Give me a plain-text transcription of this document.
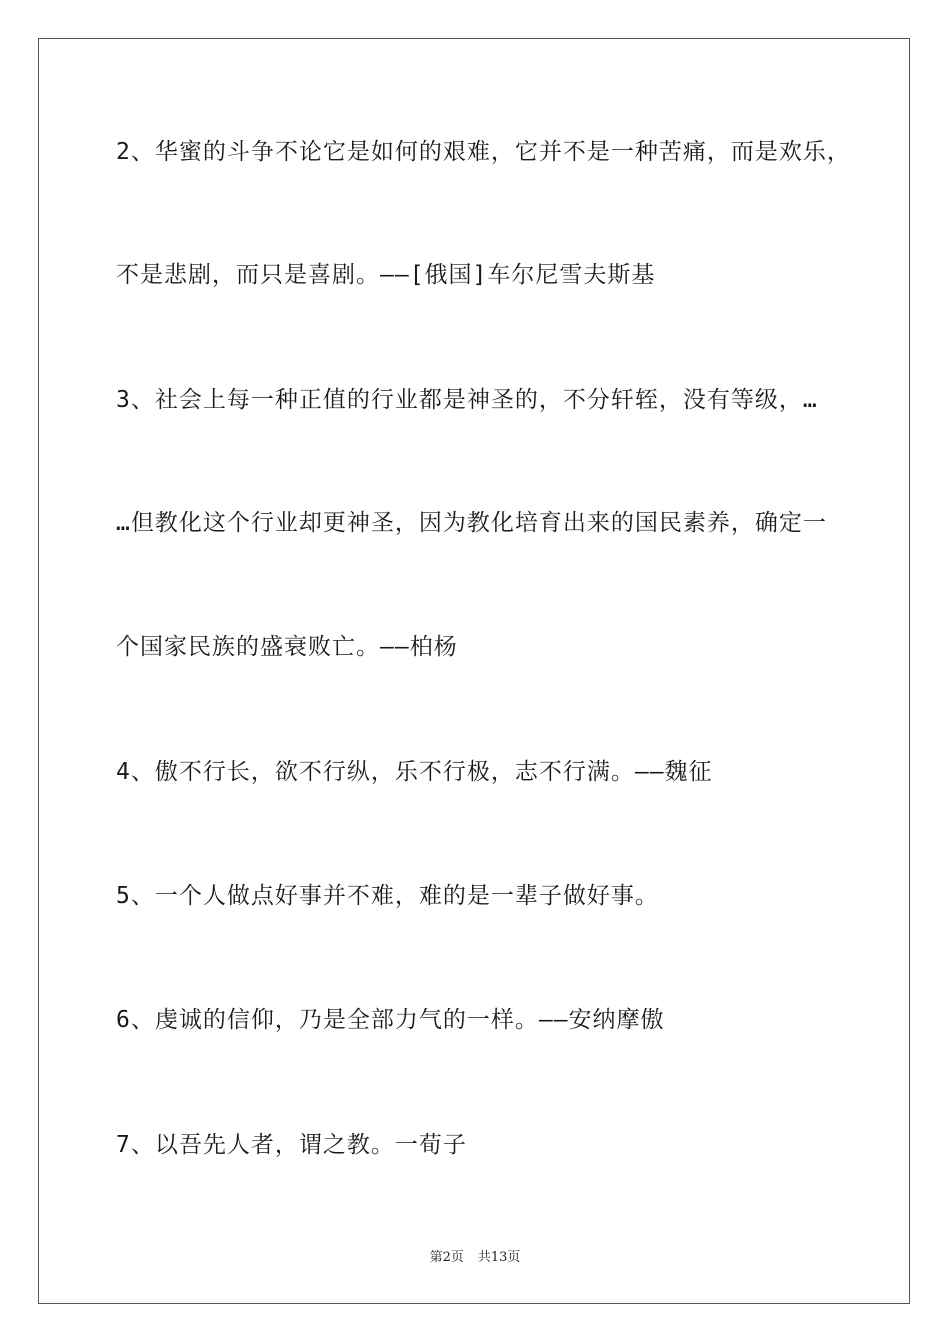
2、华蜜的斗争不论它是如何的艰难，它并不是一种苦痛，而是欢乐，
不是悲剧，而只是喜剧。——[俄国]车尔尼雪夫斯基
3、社会上每一种正值的行业都是神圣的，不分轩轾，没有等级，…
…但教化这个行业却更神圣，因为教化培育出来的国民素养，确定一
个国家民族的盛衰败亡。——柏杨
4、傲不行长，欲不行纵，乐不行极，志不行满。——魏征
5、一个人做点好事并不难，难的是一辈子做好事。
6、虔诚的信仰，乃是全部力气的一样。——安纳摩傲
7、以吾先人者，谓之教。一荀子
第2页 共13页
